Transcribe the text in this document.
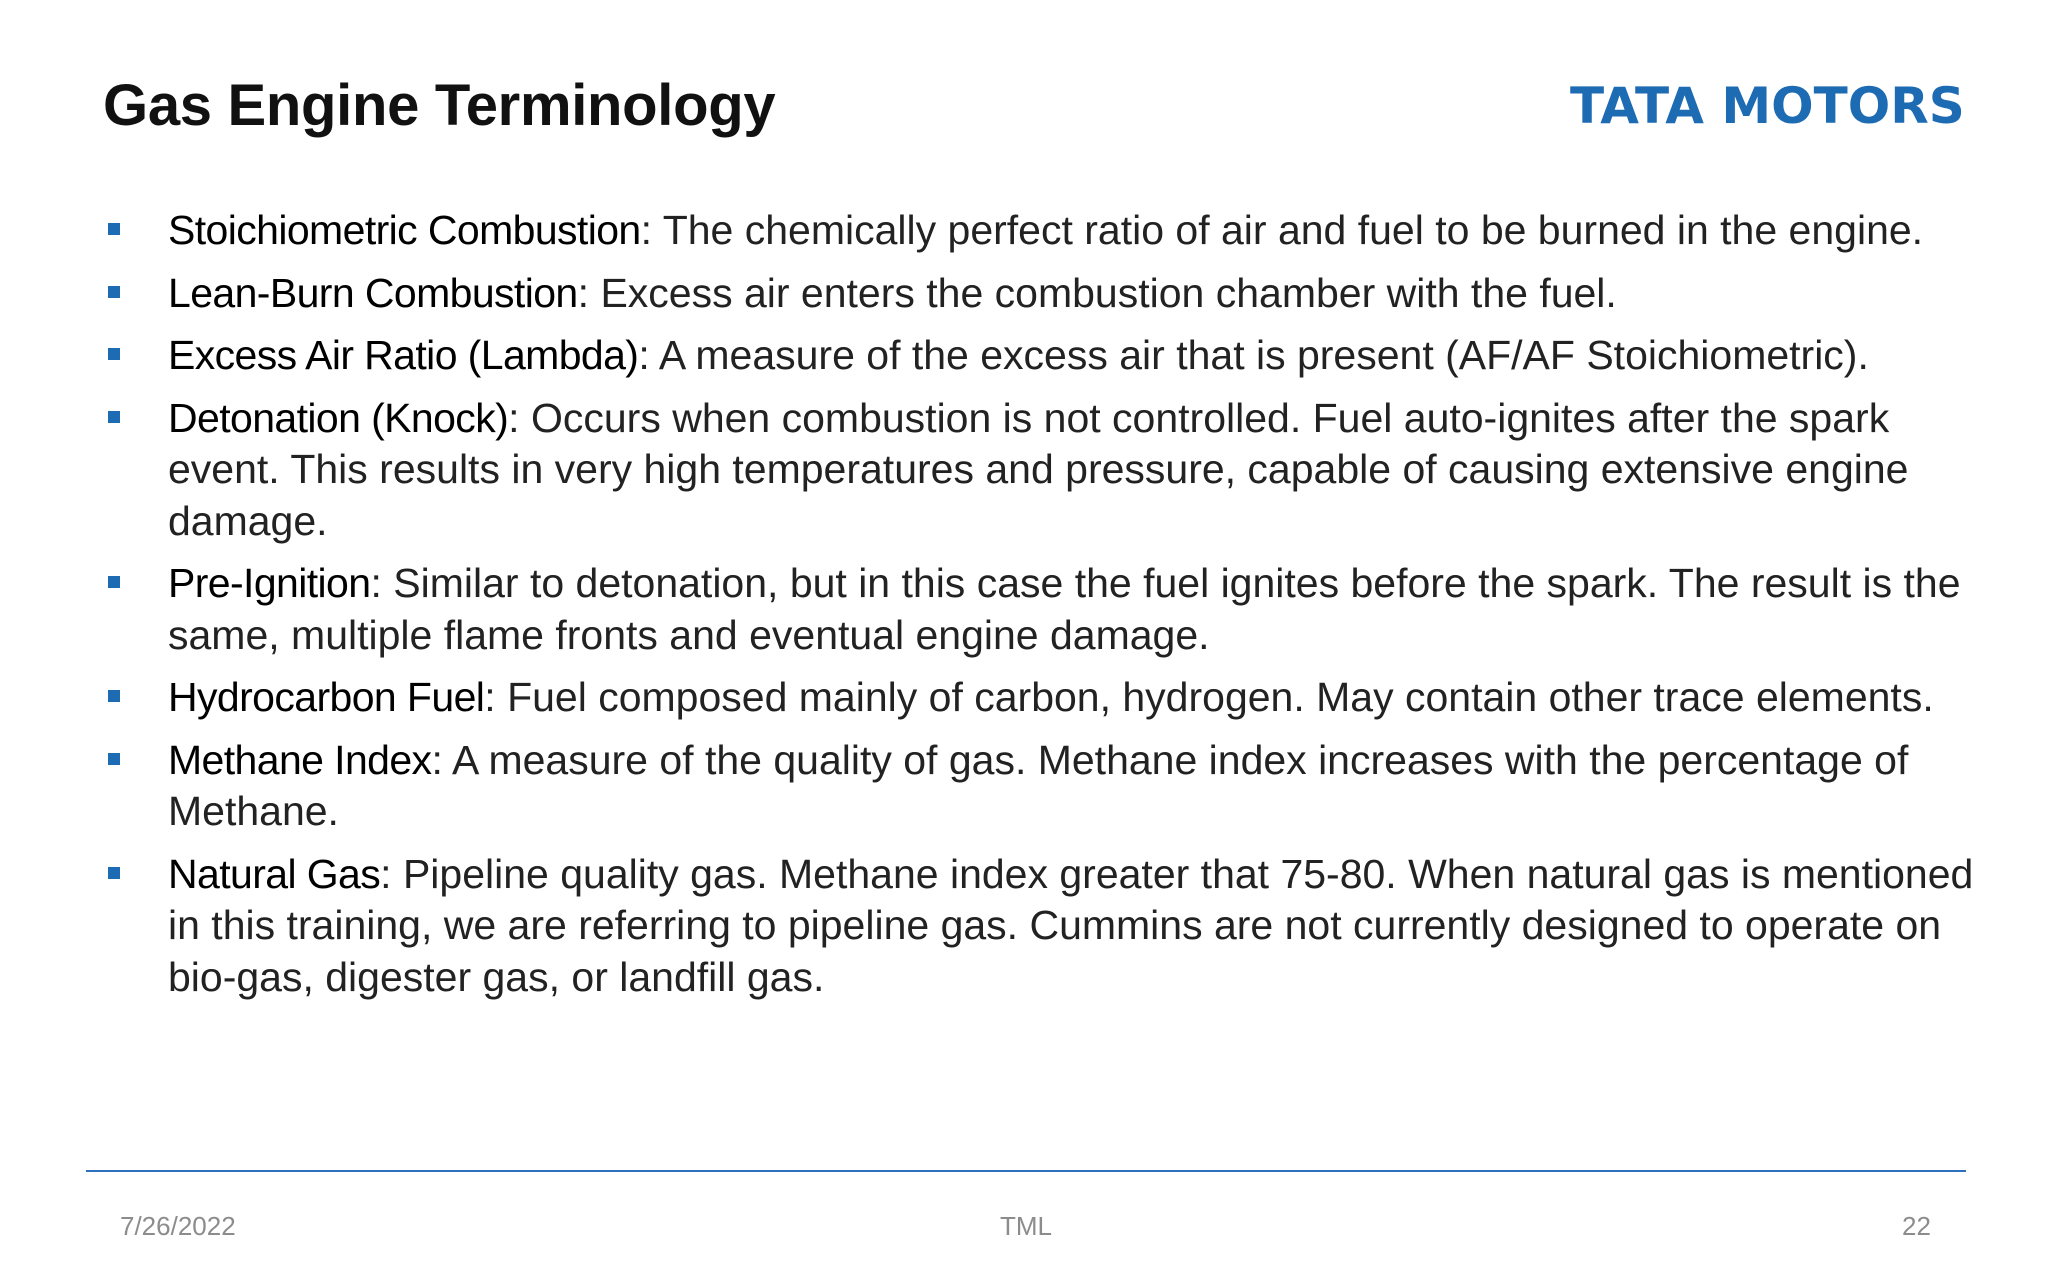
Gas Engine Terminology	TATA MOTORS
Stoichiometric Combustion: The chemically perfect ratio of air and fuel to be burned in the engine.
Lean-Burn Combustion: Excess air enters the combustion chamber with the fuel.
Excess Air Ratio (Lambda): A measure of the excess air that is present (AF/AF Stoichiometric).
Detonation (Knock): Occurs when combustion is not controlled. Fuel auto-ignites after the spark event. This results in very high temperatures and pressure, capable of causing extensive engine damage.
Pre-Ignition: Similar to detonation, but in this case the fuel ignites before the spark. The result is the same, multiple flame fronts and eventual engine damage.
Hydrocarbon Fuel: Fuel composed mainly of carbon, hydrogen. May contain other trace elements.
Methane Index: A measure of the quality of gas. Methane index increases with the percentage of Methane.
Natural Gas: Pipeline quality gas. Methane index greater that 75-80. When natural gas is mentioned in this training, we are referring to pipeline gas. Cummins are not currently designed to operate on bio-gas, digester gas, or landfill gas.
7/26/2022	TML	22
